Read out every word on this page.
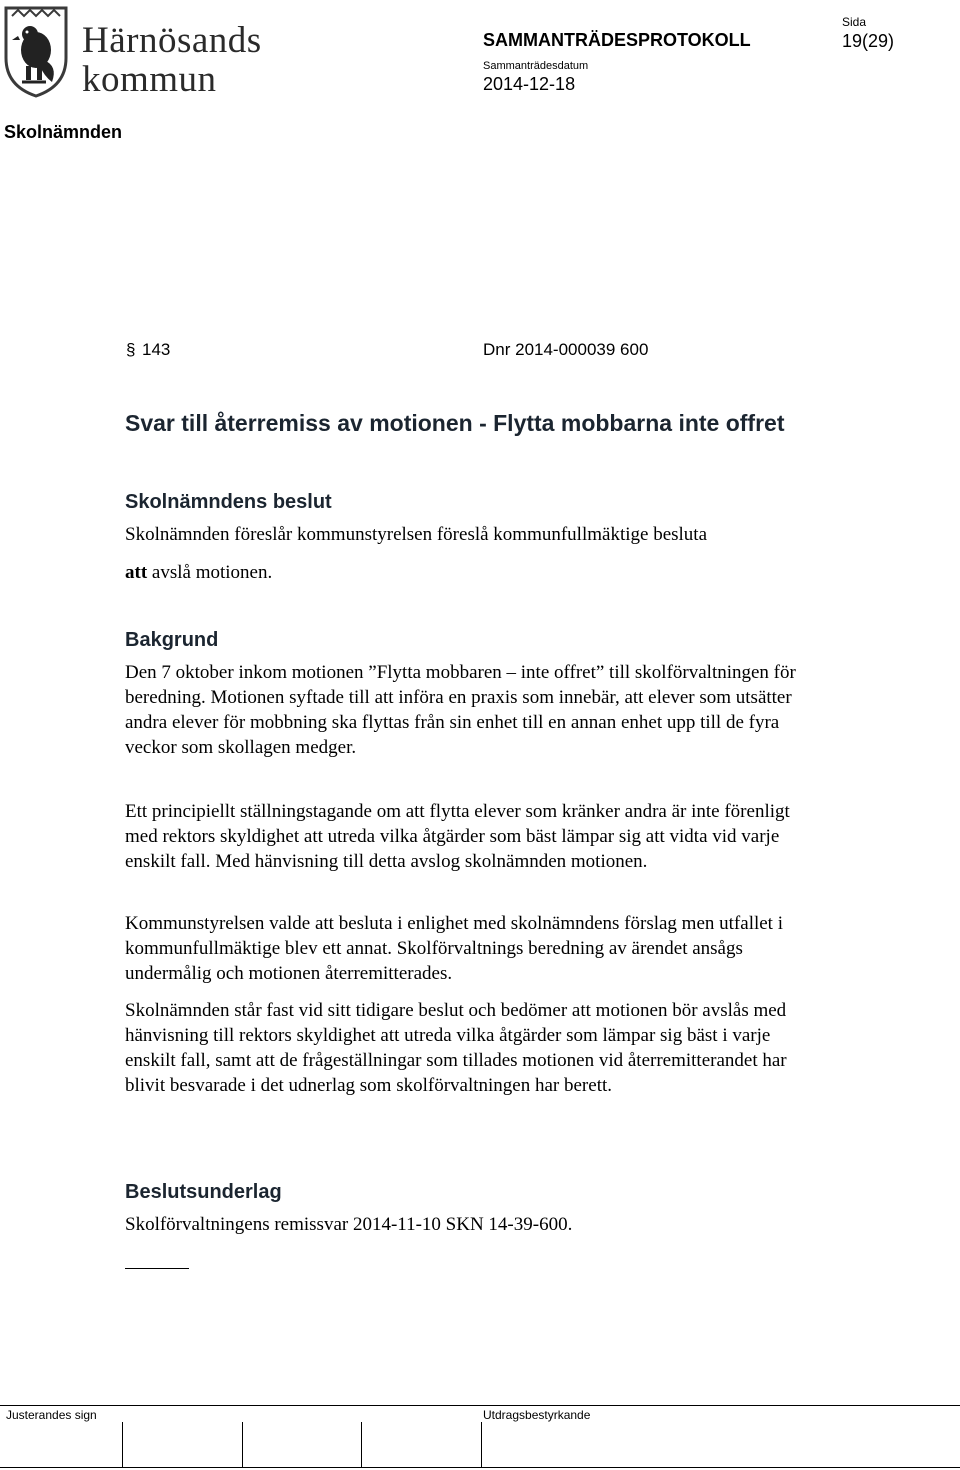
Härnösands
kommun
SAMMANTRÄDESPROTOKOLL
Sammanträdesdatum
2014-12-18
Sida
19(29)
Skolnämnden
§ 143	Dnr 2014-000039 600
Svar till återremiss av motionen - Flytta mobbarna inte offret
Skolnämndens beslut
Skolnämnden föreslår kommunstyrelsen föreslå kommunfullmäktige besluta
att avslå motionen.
Bakgrund
Den 7 oktober inkom motionen ”Flytta mobbaren – inte offret” till skolförvaltningen för beredning. Motionen syftade till att införa en praxis som innebär, att elever som utsätter andra elever för mobbning ska flyttas från sin enhet till en annan enhet upp till de fyra veckor som skollagen medger.
Ett principiellt ställningstagande om att flytta elever som kränker andra är inte förenligt med rektors skyldighet att utreda vilka åtgärder som bäst lämpar sig att vidta vid varje enskilt fall. Med hänvisning till detta avslog skolnämnden motionen.
Kommunstyrelsen valde att besluta i enlighet med skolnämndens förslag men utfallet i kommunfullmäktige blev ett annat. Skolförvaltnings beredning av ärendet ansågs undermålig och motionen återremitterades.
Skolnämnden står fast vid sitt tidigare beslut och bedömer att motionen bör avslås med hänvisning till rektors skyldighet att utreda vilka åtgärder som lämpar sig bäst i varje enskilt fall, samt att de frågeställningar som tillades motionen vid återremitterandet har blivit besvarade i det udnerlag som skolförvaltningen har berett.
Beslutsunderlag
Skolförvaltningens remissvar 2014-11-10 SKN 14-39-600.
Justerandes sign	Utdragsbestyrkande
